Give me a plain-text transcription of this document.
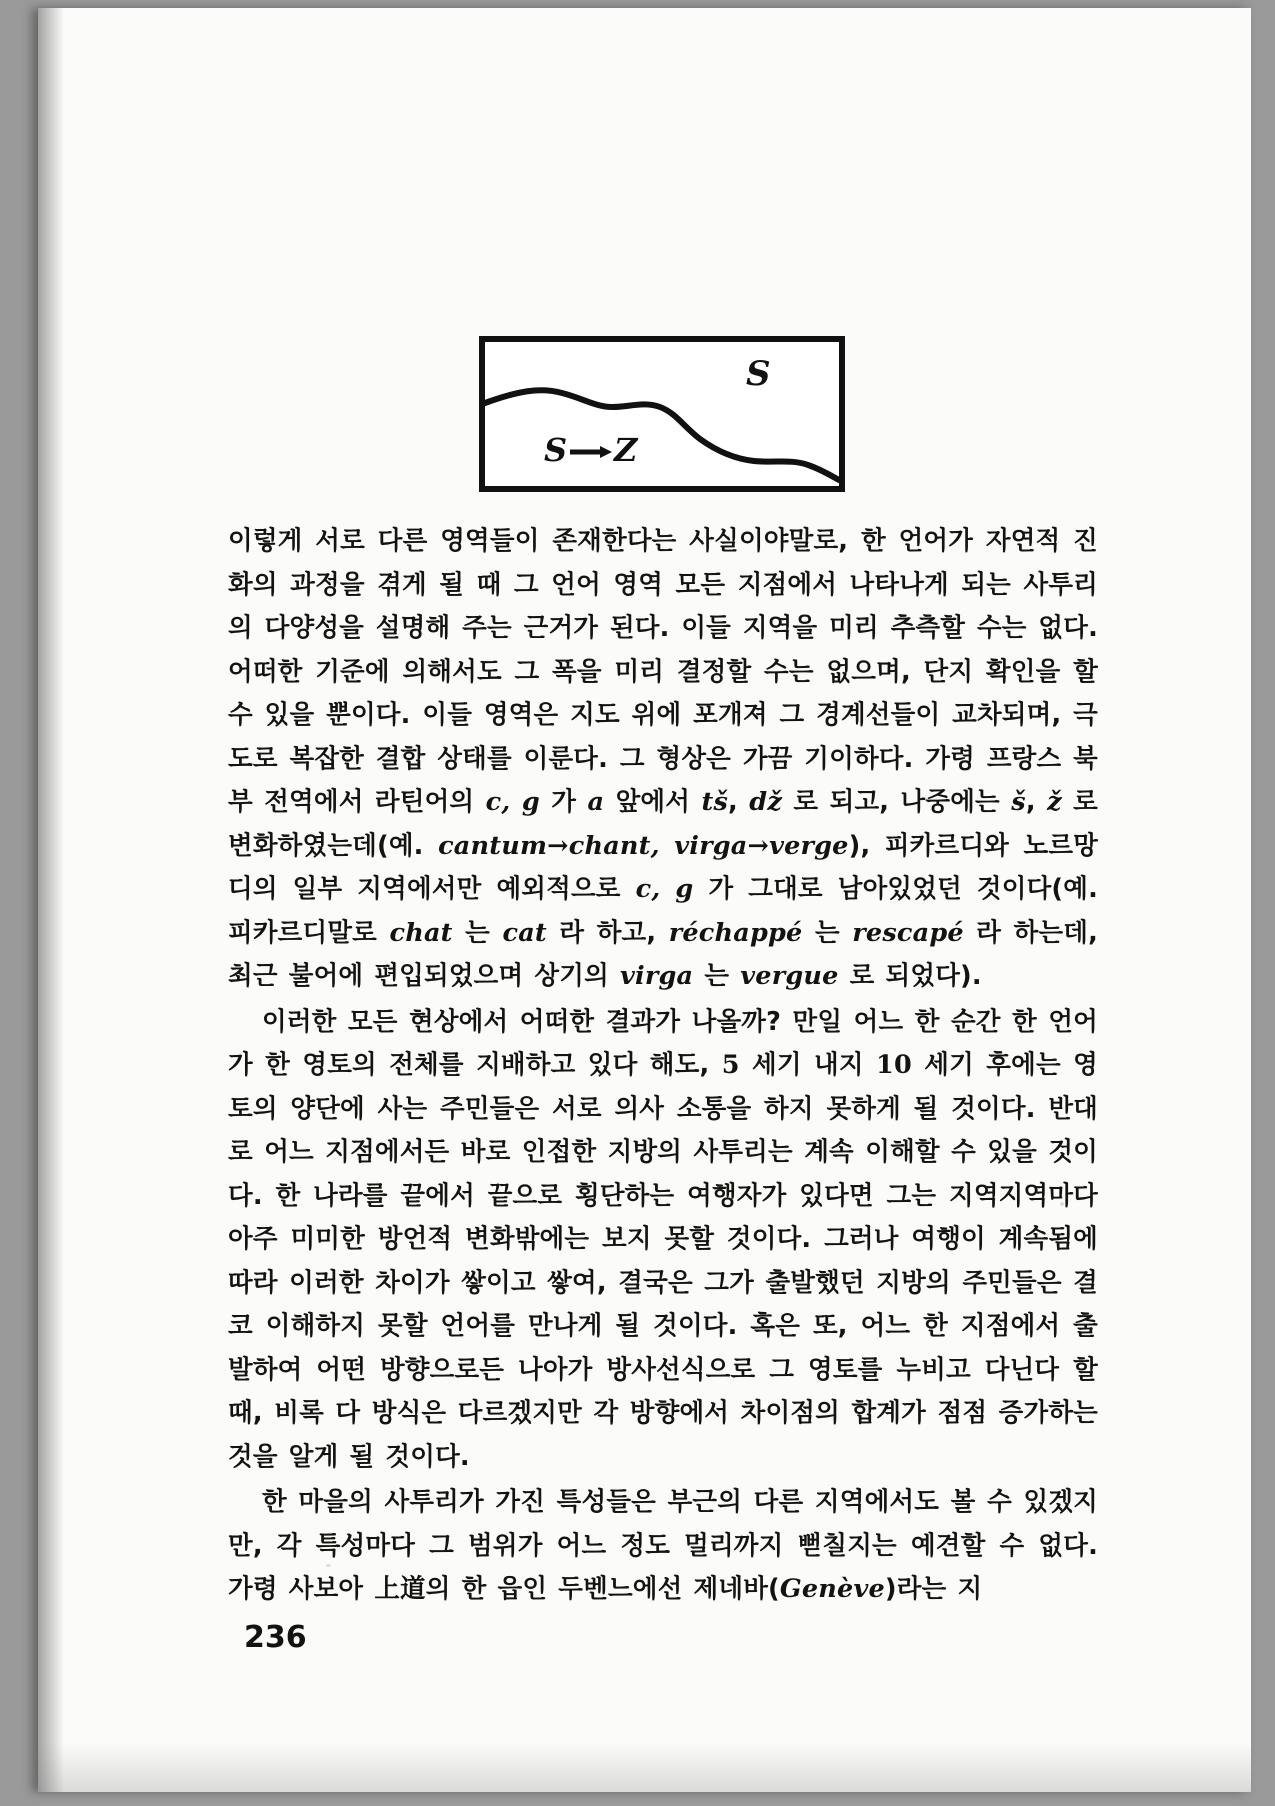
S
S Z

이렇게 서로 다른 영역들이 존재한다는 사실이야말로, 한 언어가 자연적 진화의 과정을 겪게 될 때 그 언어 영역 모든 지점에서 나타나게 되는 사투리의 다양성을 설명해 주는 근거가 된다. 이들 지역을 미리 추측할 수는 없다. 어떠한 기준에 의해서도 그 폭을 미리 결정할 수는 없으며, 단지 확인을 할 수 있을 뿐이다. 이들 영역은 지도 위에 포개져 그 경계선들이 교차되며, 극도로 복잡한 결합 상태를 이룬다. 그 형상은 가끔 기이하다. 가령 프랑스 북부 전역에서 라틴어의 c, g 가 a 앞에서 tš, dž 로 되고, 나중에는 š, ž 로 변화하였는데(예. cantum→chant, virga→verge), 피카르디와 노르망디의 일부 지역에서만 예외적으로 c, g 가 그대로 남아있었던 것이다(예. 피카르디말로 chat 는 cat 라 하고, réchappé 는 rescapé 라 하는데, 최근 불어에 편입되었으며 상기의 virga 는 vergue 로 되었다).

이러한 모든 현상에서 어떠한 결과가 나올까? 만일 어느 한 순간 한 언어가 한 영토의 전체를 지배하고 있다 해도, 5 세기 내지 10 세기 후에는 영토의 양단에 사는 주민들은 서로 의사 소통을 하지 못하게 될 것이다. 반대로 어느 지점에서든 바로 인접한 지방의 사투리는 계속 이해할 수 있을 것이다. 한 나라를 끝에서 끝으로 횡단하는 여행자가 있다면 그는 지역지역마다 아주 미미한 방언적 변화밖에는 보지 못할 것이다. 그러나 여행이 계속됨에 따라 이러한 차이가 쌓이고 쌓여, 결국은 그가 출발했던 지방의 주민들은 결코 이해하지 못할 언어를 만나게 될 것이다. 혹은 또, 어느 한 지점에서 출발하여 어떤 방향으로든 나아가 방사선식으로 그 영토를 누비고 다닌다 할 때, 비록 다 방식은 다르겠지만 각 방향에서 차이점의 합계가 점점 증가하는 것을 알게 될 것이다.

한 마을의 사투리가 가진 특성들은 부근의 다른 지역에서도 볼 수 있겠지만, 각 특성마다 그 범위가 어느 정도 멀리까지 뻗칠지는 예견할 수 없다. 가령 사보아 上道의 한 읍인 두벤느에선 제네바(Genève)라는 지

236
